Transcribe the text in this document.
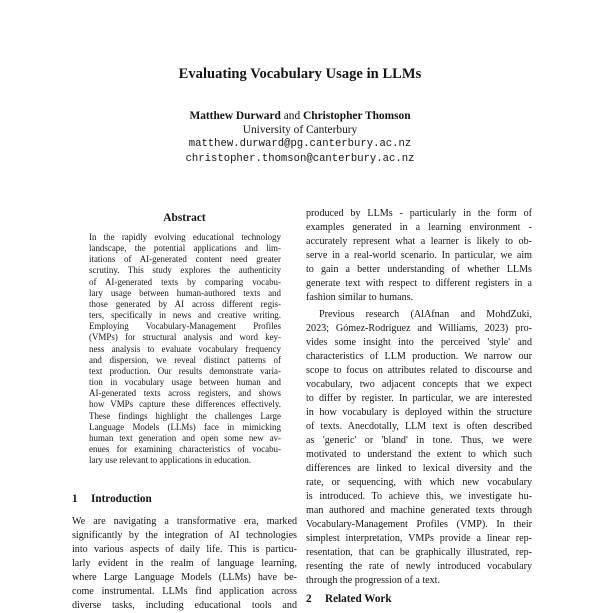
Evaluating Vocabulary Usage in LLMs
Matthew Durward and Christopher Thomson
University of Canterbury
matthew.durward@pg.canterbury.ac.nz
christopher.thomson@canterbury.ac.nz
Abstract
In the rapidly evolving educational technology
landscape, the potential applications and lim-
itations of AI-generated content need greater
scrutiny. This study explores the authenticity
of AI-generated texts by comparing vocabu-
lary usage between human-authored texts and
those generated by AI across different regis-
ters, specifically in news and creative writing.
Employing Vocabulary-Management Profiles
(VMPs) for structural analysis and word key-
ness analysis to evaluate vocabulary frequency
and dispersion, we reveal distinct patterns of
text production. Our results demonstrate varia-
tion in vocabulary usage between human and
AI-generated texts across registers, and shows
how VMPs capture these differences effectively.
These findings highlight the challenges Large
Language Models (LLMs) face in mimicking
human text generation and open some new av-
enues for examining characteristics of vocabu-
lary use relevant to applications in education.
1 Introduction
We are navigating a transformative era, marked
significantly by the integration of AI technologies
into various aspects of daily life. This is particu-
larly evident in the realm of language learning,
where Large Language Models (LLMs) have be-
come instrumental. LLMs find application across
diverse tasks, including educational tools and

produced by LLMs - particularly in the form of
examples generated in a learning environment -
accurately represent what a learner is likely to ob-
serve in a real-world scenario. In particular, we aim
to gain a better understanding of whether LLMs
generate text with respect to different registers in a
fashion similar to humans.

Previous research (AlAfnan and MohdZuki,
2023; Gómez-Rodríguez and Williams, 2023) pro-
vides some insight into the perceived 'style' and
characteristics of LLM production. We narrow our
scope to focus on attributes related to discourse and
vocabulary, two adjacent concepts that we expect
to differ by register. In particular, we are interested
in how vocabulary is deployed within the structure
of texts. Anecdotally, LLM text is often described
as 'generic' or 'bland' in tone. Thus, we were
motivated to understand the extent to which such
differences are linked to lexical diversity and the
rate, or sequencing, with which new vocabulary
is introduced. To achieve this, we investigate hu-
man authored and machine generated texts through
Vocabulary-Management Profiles (VMP). In their
simplest interpretation, VMPs provide a linear rep-
resentation, that can be graphically illustrated, rep-
resenting the rate of newly introduced vocabulary
through the progression of a text.

2 Related Work
